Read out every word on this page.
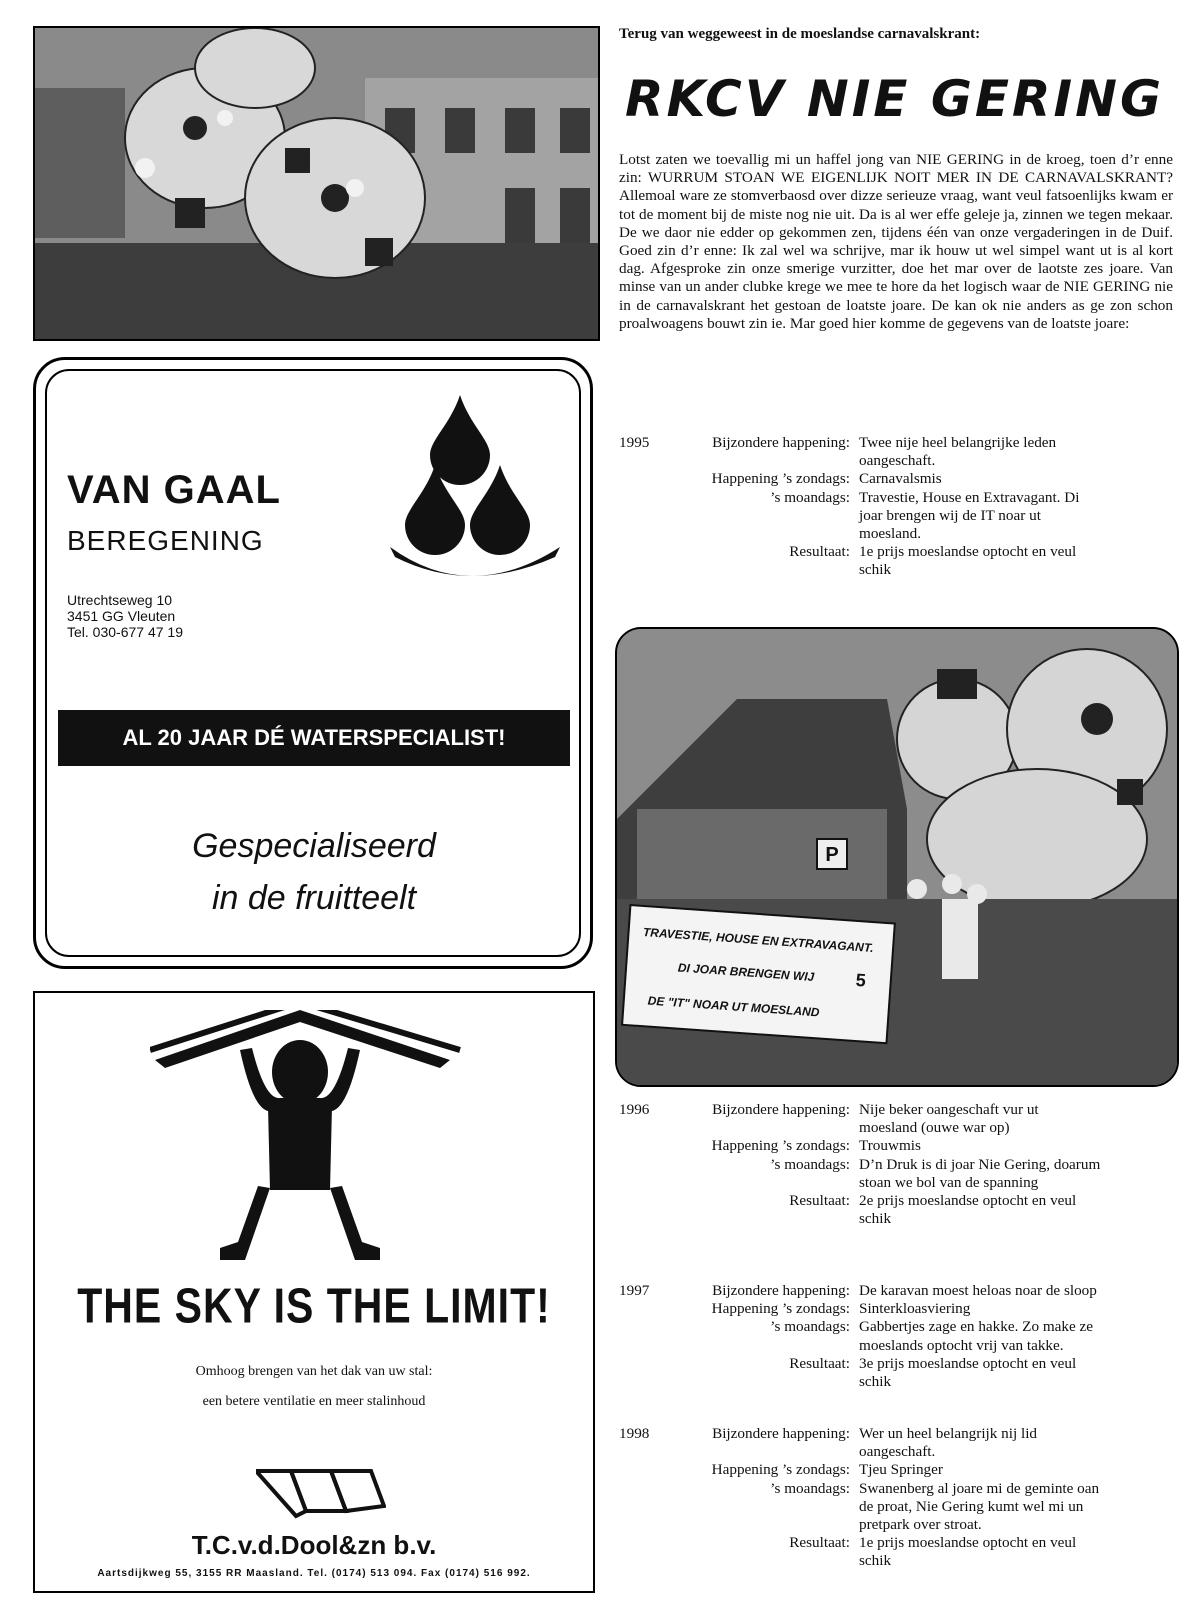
VAN GAAL
BEREGENING
Utrechtseweg 10
3451 GG Vleuten
Tel. 030-677 47 19
AL 20 JAAR DÉ WATERSPECIALIST!
Gespecialiseerd
in de fruitteelt
THE SKY IS THE LIMIT!
Omhoog brengen van het dak van uw stal:
een betere ventilatie en meer stalinhoud
T.C.v.d.Dool&zn b.v.
Aartsdijkweg 55, 3155 RR Maasland. Tel. (0174) 513 094. Fax (0174) 516 992.
Terug van weggeweest in de moeslandse carnavalskrant:
RKCV NIE GERING
Lotst zaten we toevallig mi un haffel jong van NIE GERING in de kroeg, toen d’r enne zin: WURRUM STOAN WE EIGENLIJK NOIT MER IN DE CARNAVALSKRANT? Allemoal ware ze stomverbaosd over dizze serieuze vraag, want veul fatsoenlijks kwam er tot de moment bij de miste nog nie uit. Da is al wer effe geleje ja, zinnen we tegen mekaar. De we daor nie edder op gekommen zen, tijdens één van onze vergaderingen in de Duif. Goed zin d’r enne: Ik zal wel wa schrijve, mar ik houw ut wel simpel want ut is al kort dag. Afgesproke zin onze smerige vurzitter, doe het mar over de laotste zes joare. Van minse van un ander clubke krege we mee te hore da het logisch waar de NIE GERING nie in de carnavalskrant het gestoan de loatste joare. De kan ok nie anders as ge zon schon proalwoagens bouwt zin ie. Mar goed hier komme de gegevens van de loatste joare:
1995	Bijzondere happening: Twee nije heel belangrijke leden
oangeschaft.
Happening ’s zondags: Carnavalsmis
’s moandags: Travestie, House en Extravagant. Di
joar brengen wij de IT noar ut
moesland.
Resultaat: 1e prijs moeslandse optocht en veul
schik
P
TRAVESTIE, HOUSE EN EXTRAVAGANT.
DI JOAR BRENGEN WIJ 5
DE "IT" NOAR UT MOESLAND
1996	Bijzondere happening: Nije beker oangeschaft vur ut
moesland (ouwe war op)
Happening ’s zondags: Trouwmis
’s moandags: D’n Druk is di joar Nie Gering, doarum
stoan we bol van de spanning
Resultaat: 2e prijs moeslandse optocht en veul
schik
1997	Bijzondere happening: De karavan moest heloas noar de sloop
Happening ’s zondags: Sinterkloasviering
’s moandags: Gabbertjes zage en hakke. Zo make ze
moeslands optocht vrij van takke.
Resultaat: 3e prijs moeslandse optocht en veul
schik
1998	Bijzondere happening: Wer un heel belangrijk nij lid
oangeschaft.
Happening ’s zondags: Tjeu Springer
’s moandags: Swanenberg al joare mi de geminte oan
de proat, Nie Gering kumt wel mi un
pretpark over stroat.
Resultaat: 1e prijs moeslandse optocht en veul
schik
